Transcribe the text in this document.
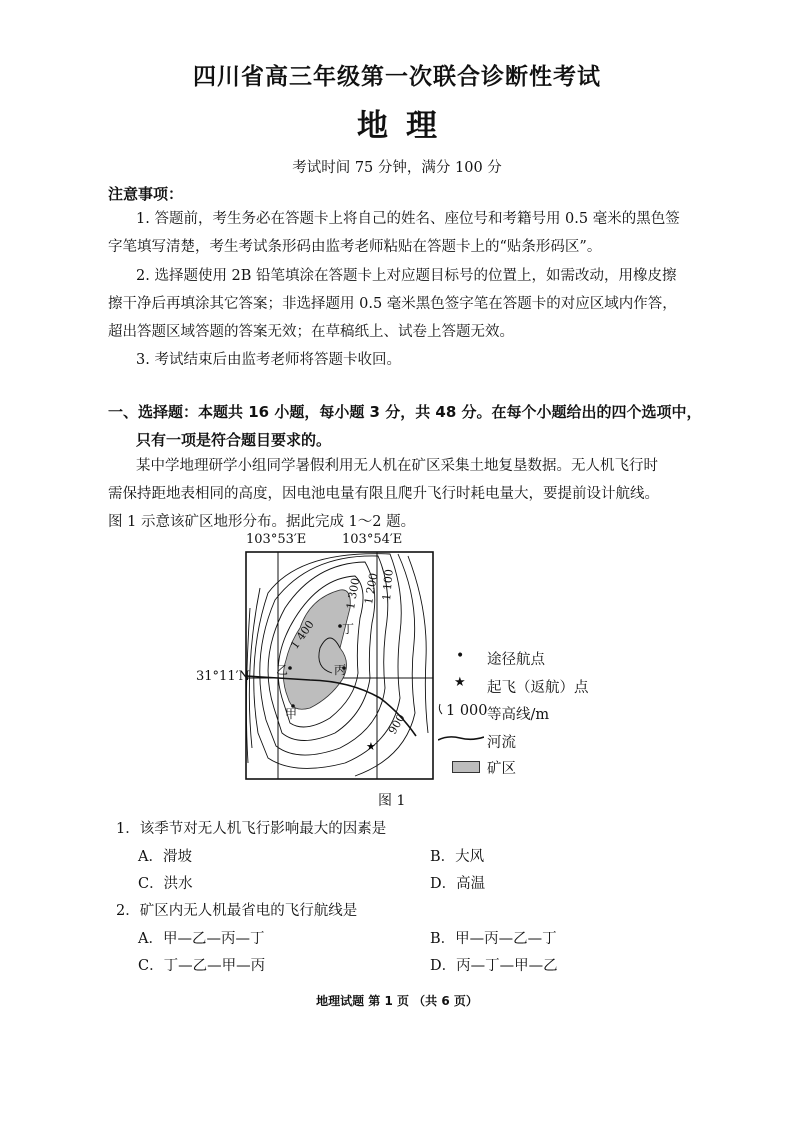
四川省高三年级第一次联合诊断性考试
地理
考试时间 75 分钟，满分 100 分
注意事项：
1. 答题前，考生务必在答题卡上将自己的姓名、座位号和考籍号用 0.5 毫米的黑色签
字笔填写清楚，考生考试条形码由监考老师粘贴在答题卡上的“贴条形码区”。
2. 选择题使用 2B 铅笔填涂在答题卡上对应题目标号的位置上，如需改动，用橡皮擦
擦干净后再填涂其它答案；非选择题用 0.5 毫米黑色签字笔在答题卡的对应区域内作答，
超出答题区域答题的答案无效；在草稿纸上、试卷上答题无效。
3. 考试结束后由监考老师将答题卡收回。
一、选择题：本题共 16 小题，每小题 3 分，共 48 分。在每个小题给出的四个选项中，
只有一项是符合题目要求的。
某中学地理研学小组同学暑假利用无人机在矿区采集土地复垦数据。无人机飞行时
需保持距地表相同的高度，因电池电量有限且爬升飞行时耗电量大，要提前设计航线。
图 1 示意该矿区地形分布。据此完成 1～2 题。
103°53′E	103°54′E
31°11′N
★
甲
乙	丙
丁
1 400
1 300 1 200 1 100
900
• 途径航点
★ 起飞（返航）点
1 000 等高线/m
河流
矿区
图 1
1．该季节对无人机飞行影响最大的因素是
A．滑坡	B．大风
C．洪水	D．高温
2．矿区内无人机最省电的飞行航线是
A．甲—乙—丙—丁	B．甲—丙—乙—丁
C．丁—乙—甲—丙	D．丙—丁—甲—乙
地理试题 第 1 页 （共 6 页）
